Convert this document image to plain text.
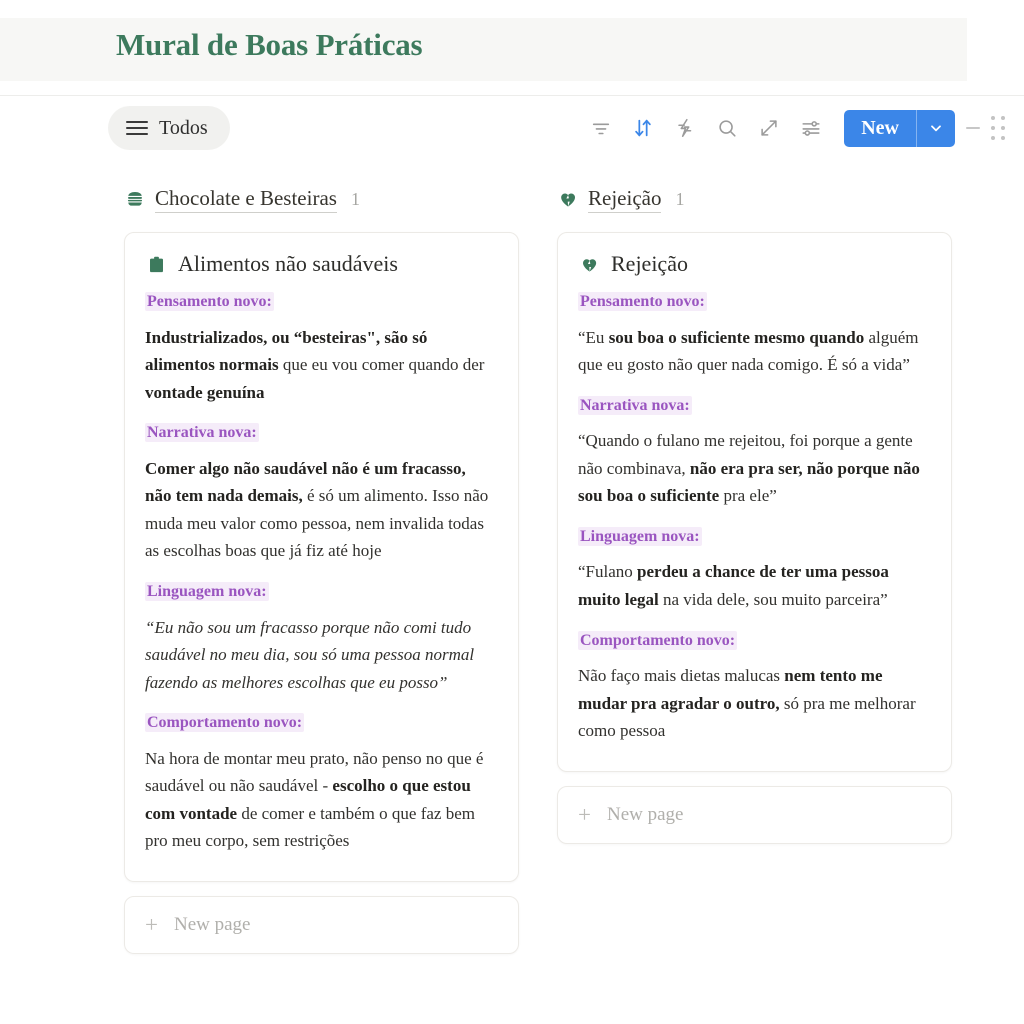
Mural de Boas Práticas
Todos	New
Chocolate e Besteiras 1
Alimentos não saudáveis
Pensamento novo:

Industrializados, ou “besteiras", são só alimentos normais que eu vou comer quando der vontade genuína

Narrativa nova:

Comer algo não saudável não é um fracasso, não tem nada demais, é só um alimento. Isso não muda meu valor como pessoa, nem invalida todas as escolhas boas que já fiz até hoje

Linguagem nova:

“Eu não sou um fracasso porque não comi tudo saudável no meu dia, sou só uma pessoa normal fazendo as melhores escolhas que eu posso”

Comportamento novo:

Na hora de montar meu prato, não penso no que é saudável ou não saudável - escolho o que estou com vontade de comer e também o que faz bem pro meu corpo, sem restrições

+ New page
Rejeição 1
Rejeição
Pensamento novo:

“Eu sou boa o suficiente mesmo quando alguém que eu gosto não quer nada comigo. É só a vida”

Narrativa nova:

“Quando o fulano me rejeitou, foi porque a gente não combinava, não era pra ser, não porque não sou boa o suficiente pra ele”

Linguagem nova:

“Fulano perdeu a chance de ter uma pessoa muito legal na vida dele, sou muito parceira”

Comportamento novo:

Não faço mais dietas malucas nem tento me mudar pra agradar o outro, só pra me melhorar como pessoa

+ New page
